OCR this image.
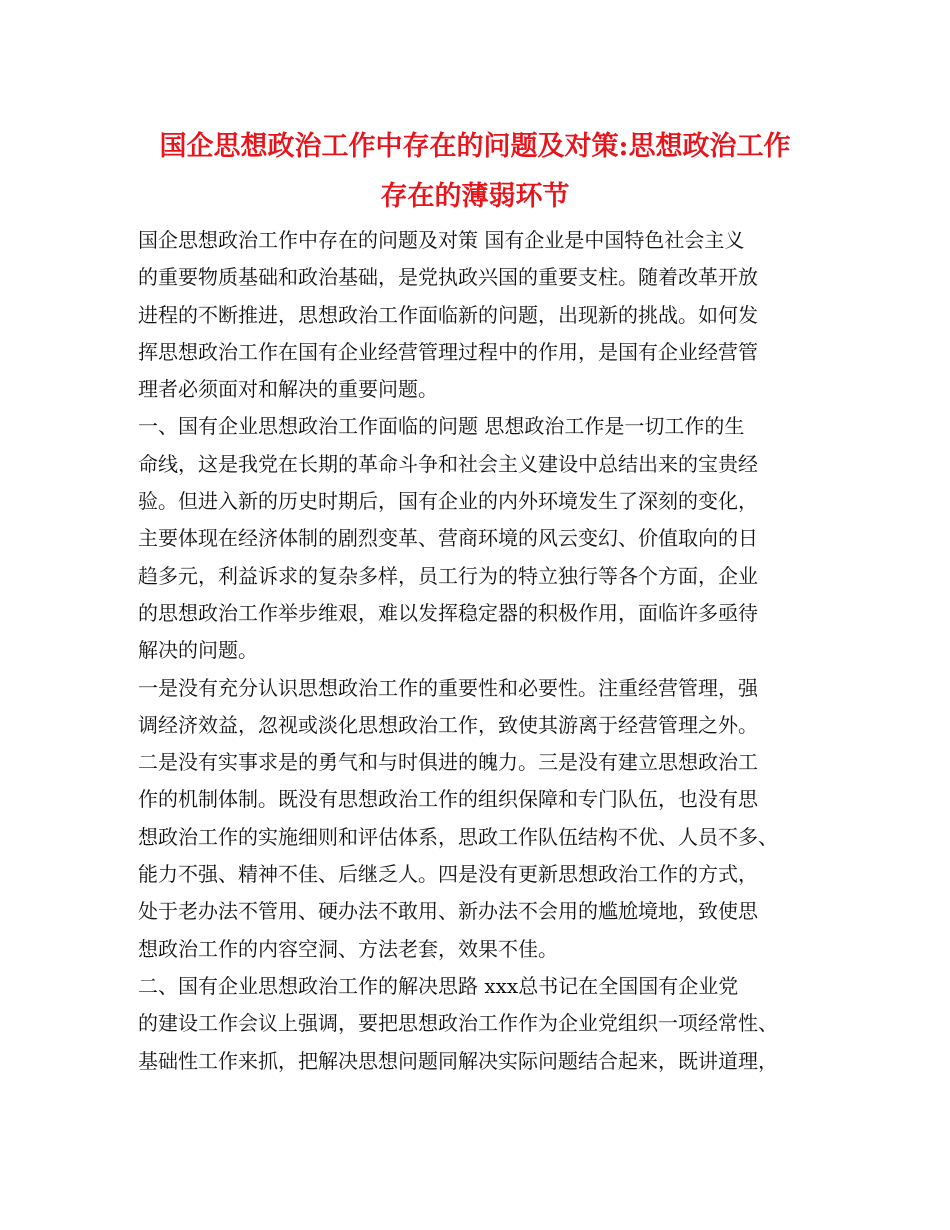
国企思想政治工作中存在的问题及对策:思想政治工作
存在的薄弱环节
国企思想政治工作中存在的问题及对策 国有企业是中国特色社会主义
的重要物质基础和政治基础，是党执政兴国的重要支柱。随着改革开放
进程的不断推进，思想政治工作面临新的问题，出现新的挑战。如何发
挥思想政治工作在国有企业经营管理过程中的作用，是国有企业经营管
理者必须面对和解决的重要问题。
一、国有企业思想政治工作面临的问题 思想政治工作是一切工作的生
命线，这是我党在长期的革命斗争和社会主义建设中总结出来的宝贵经
验。但进入新的历史时期后，国有企业的内外环境发生了深刻的变化，
主要体现在经济体制的剧烈变革、营商环境的风云变幻、价值取向的日
趋多元，利益诉求的复杂多样，员工行为的特立独行等各个方面，企业
的思想政治工作举步维艰，难以发挥稳定器的积极作用，面临许多亟待
解决的问题。
一是没有充分认识思想政治工作的重要性和必要性。注重经营管理，强
调经济效益，忽视或淡化思想政治工作，致使其游离于经营管理之外。
二是没有实事求是的勇气和与时俱进的魄力。三是没有建立思想政治工
作的机制体制。既没有思想政治工作的组织保障和专门队伍，也没有思
想政治工作的实施细则和评估体系，思政工作队伍结构不优、人员不多、
能力不强、精神不佳、后继乏人。四是没有更新思想政治工作的方式，
处于老办法不管用、硬办法不敢用、新办法不会用的尴尬境地，致使思
想政治工作的内容空洞、方法老套，效果不佳。
二、国有企业思想政治工作的解决思路 xxx总书记在全国国有企业党
的建设工作会议上强调，要把思想政治工作作为企业党组织一项经常性、
基础性工作来抓，把解决思想问题同解决实际问题结合起来，既讲道理，
